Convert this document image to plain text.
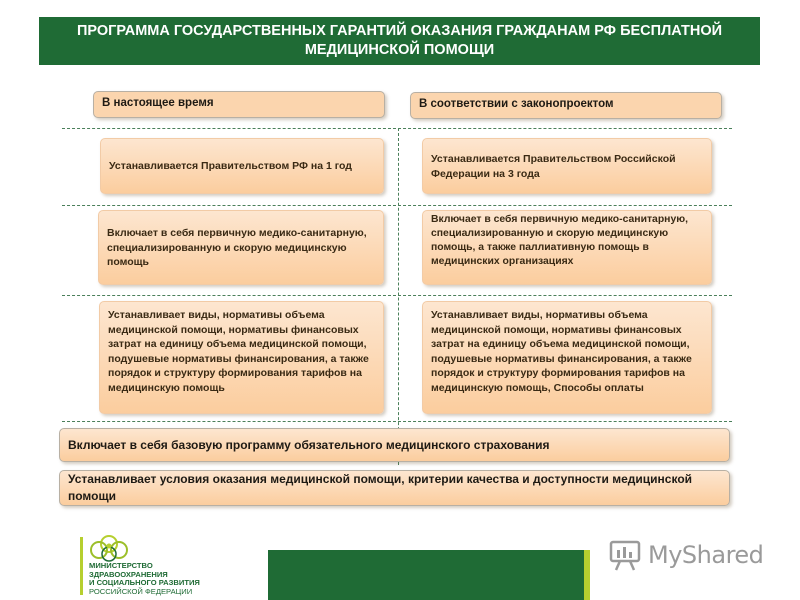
ПРОГРАММА ГОСУДАРСТВЕННЫХ ГАРАНТИЙ ОКАЗАНИЯ ГРАЖДАНАМ РФ БЕСПЛАТНОЙ МЕДИЦИНСКОЙ ПОМОЩИ
В настоящее время	В соответствии с законопроектом
Устанавливается Правительством РФ на 1 год
Устанавливается Правительством Российской Федерации на 3 года
Включает в себя первичную медико-санитарную, специализированную и скорую медицинскую помощь
Включает в себя первичную медико-санитарную, специализированную и скорую медицинскую помощь, а также паллиативную помощь в медицинских организациях
Устанавливает виды, нормативы объема медицинской помощи, нормативы финансовых затрат на единицу объема медицинской помощи, подушевые нормативы финансирования, а также порядок и структуру формирования тарифов на медицинскую помощь
Устанавливает виды, нормативы объема медицинской помощи, нормативы финансовых затрат на единицу объема медицинской помощи, подушевые нормативы финансирования, а также порядок и структуру формирования тарифов на медицинскую помощь, Способы оплаты
Включает в себя базовую программу обязательного медицинского страхования
Устанавливает условия оказания медицинской помощи, критерии качества и доступности медицинской помощи
МИНИСТЕРСТВО
ЗДРАВООХРАНЕНИЯ
И СОЦИАЛЬНОГО РАЗВИТИЯ
РОССИЙСКОЙ ФЕДЕРАЦИИ
MyShared
